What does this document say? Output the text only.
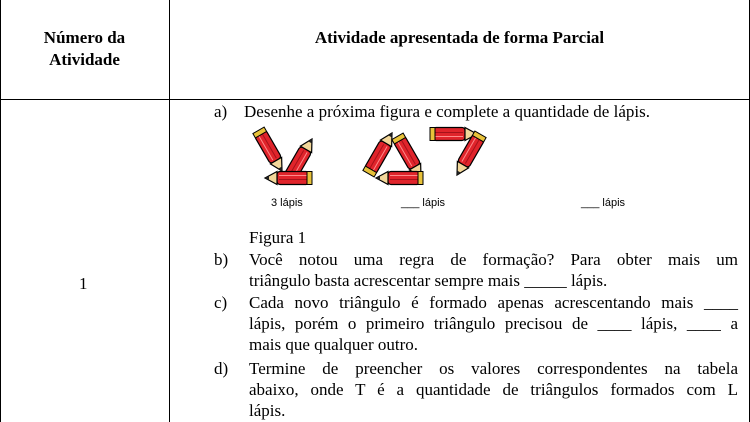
Número da
Atividade
Atividade apresentada de forma Parcial
1
a) Desenhe a próxima figura e complete a quantidade de lápis.
3 lápis	___ lápis	___ lápis
Figura 1
b)	Você notou uma regra de formação? Para obter mais um
triângulo basta acrescentar sempre mais _____ lápis.
c)	Cada novo triângulo é formado apenas acrescentando mais ____
lápis, porém o primeiro triângulo precisou de ____ lápis, ____ a
mais que qualquer outro.
d)	Termine de preencher os valores correspondentes na tabela
abaixo, onde T é a quantidade de triângulos formados com L
lápis.
